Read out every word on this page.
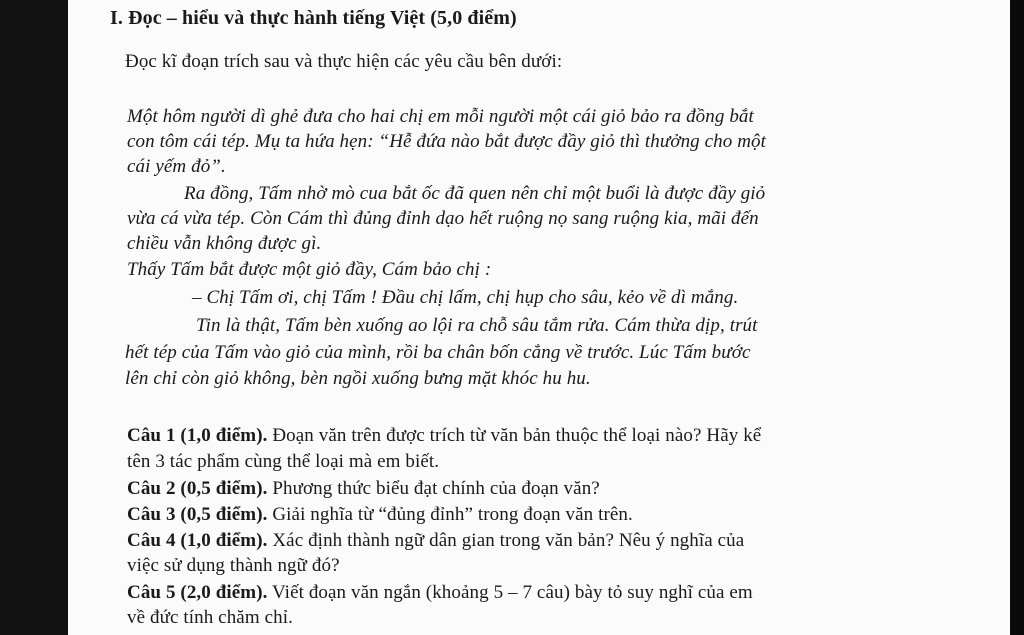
I. Đọc – hiểu và thực hành tiếng Việt (5,0 điểm)
Đọc kĩ đoạn trích sau và thực hiện các yêu cầu bên dưới:
Một hôm người dì ghẻ đưa cho hai chị em mỗi người một cái giỏ bảo ra đồng bắt
con tôm cái tép. Mụ ta hứa hẹn: “Hễ đứa nào bắt được đầy giỏ thì thưởng cho một
cái yếm đỏ”.
Ra đồng, Tấm nhờ mò cua bắt ốc đã quen nên chỉ một buổi là được đầy giỏ
vừa cá vừa tép. Còn Cám thì đủng đỉnh dạo hết ruộng nọ sang ruộng kia, mãi đến
chiều vẫn không được gì.
Thấy Tấm bắt được một giỏ đầy, Cám bảo chị :
– Chị Tấm ơi, chị Tấm ! Đầu chị lấm, chị hụp cho sâu, kẻo về dì mắng.
Tin là thật, Tấm bèn xuống ao lội ra chỗ sâu tắm rửa. Cám thừa dịp, trút
hết tép của Tấm vào giỏ của mình, rồi ba chân bốn cẳng về trước. Lúc Tấm bước
lên chỉ còn giỏ không, bèn ngồi xuống bưng mặt khóc hu hu.
Câu 1 (1,0 điểm). Đoạn văn trên được trích từ văn bản thuộc thể loại nào? Hãy kể
tên 3 tác phẩm cùng thể loại mà em biết.
Câu 2 (0,5 điểm). Phương thức biểu đạt chính của đoạn văn?
Câu 3 (0,5 điểm). Giải nghĩa từ “đủng đỉnh” trong đoạn văn trên.
Câu 4 (1,0 điểm). Xác định thành ngữ dân gian trong văn bản? Nêu ý nghĩa của
việc sử dụng thành ngữ đó?
Câu 5 (2,0 điểm). Viết đoạn văn ngắn (khoảng 5 – 7 câu) bày tỏ suy nghĩ của em
về đức tính chăm chỉ.
